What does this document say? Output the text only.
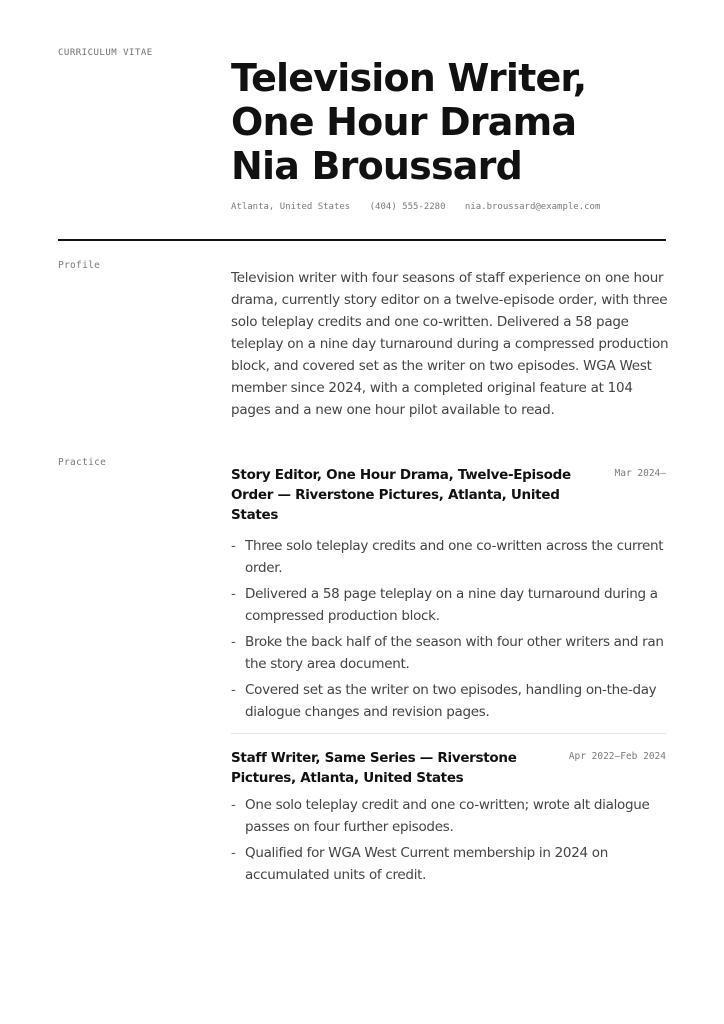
CURRICULUM VITAE
Television Writer,
One Hour Drama
Nia Broussard
Atlanta, United States (404) 555-2280 nia.broussard@example.com
Profile

Television writer with four seasons of staff experience on one hour drama, currently story editor on a twelve-episode order, with three solo teleplay credits and one co-written. Delivered a 58 page teleplay on a nine day turnaround during a compressed production block, and covered set as the writer on two episodes. WGA West member since 2024, with a completed original feature at 104 pages and a new one hour pilot available to read.

Practice
Story Editor, One Hour Drama, Twelve-Episode Order — Riverstone Pictures, Atlanta, United States
Mar 2024–
- Three solo teleplay credits and one co-written across the current order.
- Delivered a 58 page teleplay on a nine day turnaround during a compressed production block.
- Broke the back half of the season with four other writers and ran the story area document.
- Covered set as the writer on two episodes, handling on-the-day dialogue changes and revision pages.
Staff Writer, Same Series — Riverstone Pictures, Atlanta, United States
Apr 2022–Feb 2024
- One solo teleplay credit and one co-written; wrote alt dialogue passes on four further episodes.
- Qualified for WGA West Current membership in 2024 on accumulated units of credit.
